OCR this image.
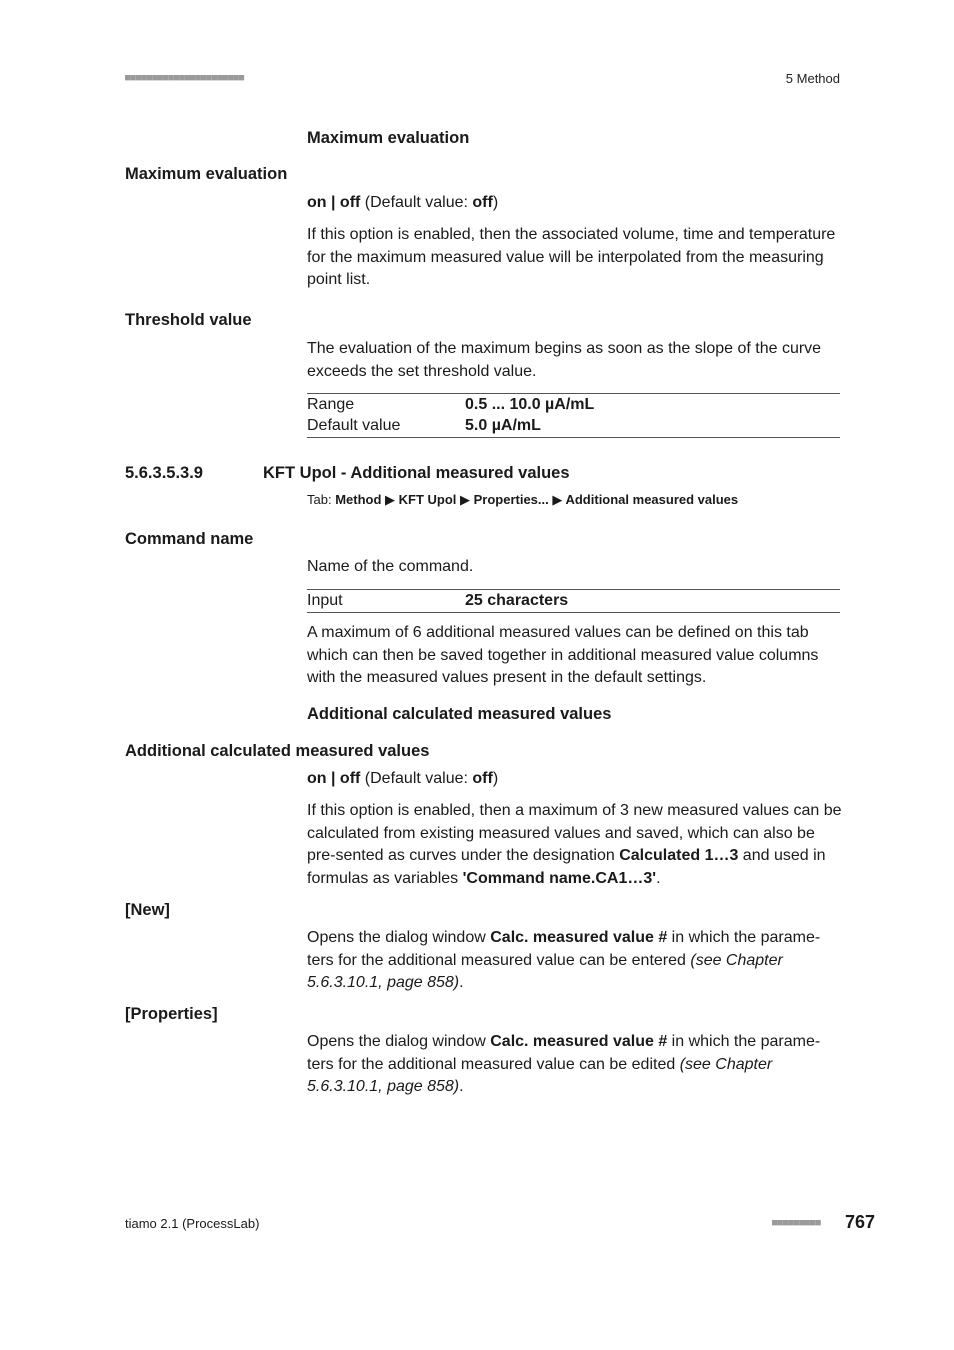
■■■■■■■■■■■■■■■■■■■■■■	5 Method
Maximum evaluation
Maximum evaluation
on | off (Default value: off)
If this option is enabled, then the associated volume, time and temperature for the maximum measured value will be interpolated from the measuring point list.
Threshold value
The evaluation of the maximum begins as soon as the slope of the curve exceeds the set threshold value.
Range	0.5 ... 10.0 µA/mL
Default value	5.0 µA/mL
5.6.3.5.3.9	KFT Upol - Additional measured values
Tab: Method ▶ KFT Upol ▶ Properties... ▶ Additional measured values
Command name
Name of the command.
Input	25 characters
A maximum of 6 additional measured values can be defined on this tab which can then be saved together in additional measured value columns with the measured values present in the default settings.
Additional calculated measured values
Additional calculated measured values
on | off (Default value: off)
If this option is enabled, then a maximum of 3 new measured values can be calculated from existing measured values and saved, which can also be pre-sented as curves under the designation Calculated 1…3 and used in formulas as variables 'Command name.CA1…3'.
[New]
Opens the dialog window Calc. measured value # in which the parame-ters for the additional measured value can be entered (see Chapter 5.6.3.10.1, page 858).
[Properties]
Opens the dialog window Calc. measured value # in which the parame-ters for the additional measured value can be edited (see Chapter 5.6.3.10.1, page 858).
tiamo 2.1 (ProcessLab)	■■■■■■■■■ 767
